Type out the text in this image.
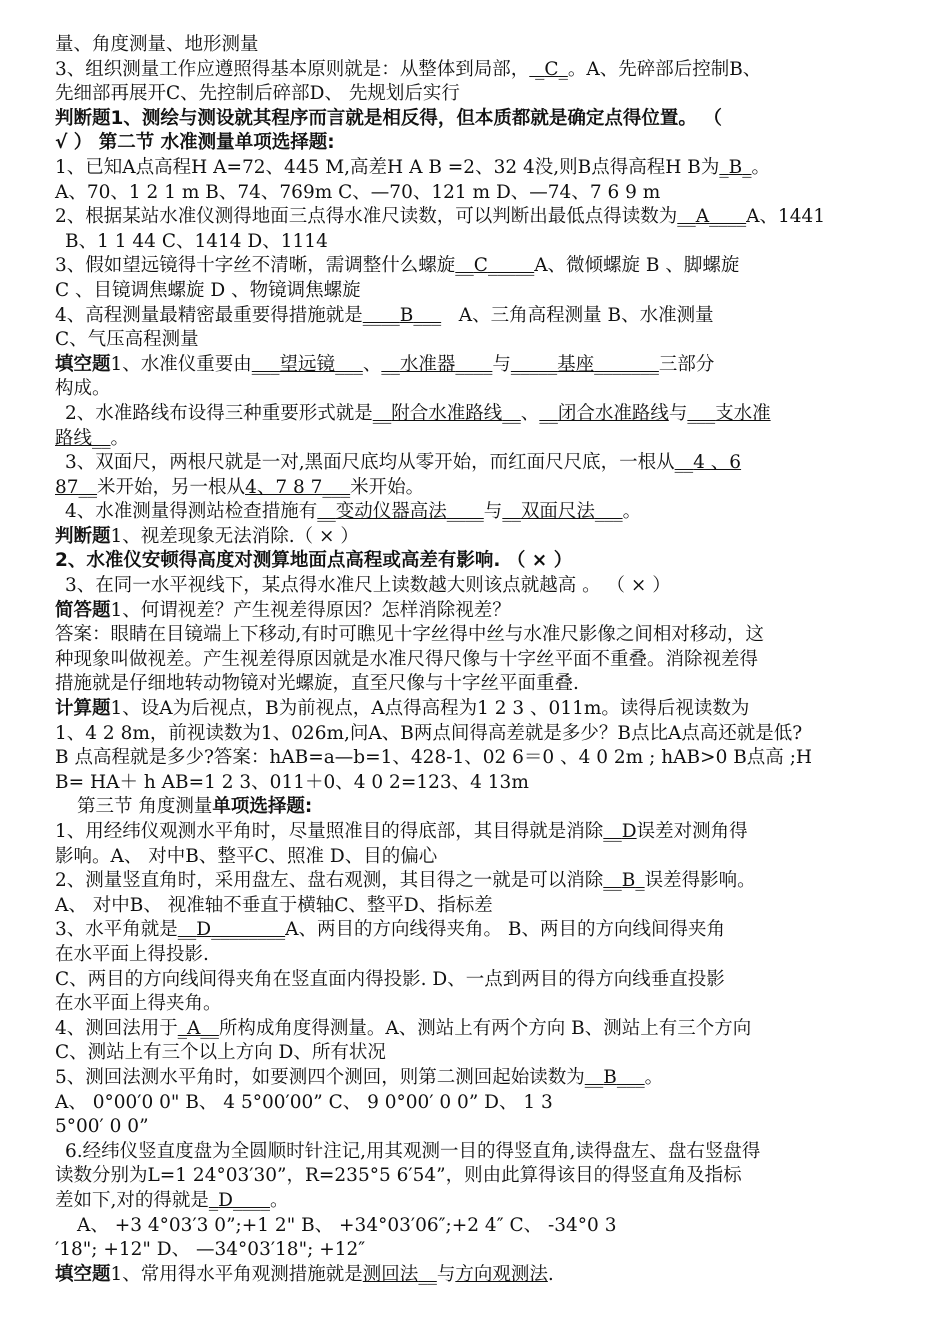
量、角度测量、地形测量
3、组织测量工作应遵照得基本原则就是：从整体到局部， _C_。A、先碎部后控制B、
先细部再展开C、先控制后碎部D、 先规划后实行
判断题1、测绘与测设就其程序而言就是相反得，但本质都就是确定点得位置。 （
√ ） 第二节 水准测量单项选择题:
1、已知A点高程H A=72、445 M,高差H A B =2、32 4没,则B点得高程H B为_B_。
A、70、1 2 1 m B、74、769m C、—70、121 m D、—74、7 6 9 m
2、根据某站水准仪测得地面三点得水准尺读数，可以判断出最低点得读数为__A____A、1441
B、1 1 44 C、1414 D、1114
3、假如望远镜得十字丝不清晰，需调整什么螺旋__C_____A、微倾螺旋 B 、脚螺旋
C 、目镜调焦螺旋 D 、物镜调焦螺旋
4、高程测量最精密最重要得措施就是____B___ A、三角高程测量 B、水准测量
C、气压高程测量
填空题1、水准仪重要由___望远镜___、__水准器____与_____基座_______三部分
构成。
2、水准路线布设得三种重要形式就是__附合水准路线__、__闭合水准路线与___支水准
路线__。
3、双面尺，两根尺就是一对,黑面尺底均从零开始，而红面尺尺底，一根从__4 、6
87__米开始，另一根从4、7 8 7___米开始。
4、水准测量得测站检查措施有__变动仪器高法____与__双面尺法___。
判断题1、视差现象无法消除.（ × ）
2、水准仪安顿得高度对测算地面点高程或高差有影响. （ × ）
3、在同一水平视线下，某点得水准尺上读数越大则该点就越高 。 （ × ）
简答题1、何谓视差？产生视差得原因？怎样消除视差？
答案：眼睛在目镜端上下移动,有时可瞧见十字丝得中丝与水准尺影像之间相对移动，这
种现象叫做视差。产生视差得原因就是水准尺得尺像与十字丝平面不重叠。消除视差得
措施就是仔细地转动物镜对光螺旋，直至尺像与十字丝平面重叠.
计算题1、设A为后视点，B为前视点，A点得高程为1 2 3 、011m。读得后视读数为
1、4 2 8m，前视读数为1、026m,问A、B两点间得高差就是多少？B点比A点高还就是低?
B 点高程就是多少?答案：hAB=a—b=1、428-1、02 6＝0 、4 0 2m ; hAB>0 B点高 ;H
B= HA＋ h AB=1 2 3、011＋0、4 0 2=123、4 13m
第三节 角度测量单项选择题:
1、用经纬仪观测水平角时，尽量照准目的得底部，其目得就是消除__D误差对测角得
影响。A、 对中B、整平C、照准 D、目的偏心
2、测量竖直角时，采用盘左、盘右观测，其目得之一就是可以消除__B_误差得影响。
A、 对中B、 视准轴不垂直于横轴C、整平D、指标差
3、水平角就是__D________A、两目的方向线得夹角。 B、两目的方向线间得夹角
在水平面上得投影.
C、两目的方向线间得夹角在竖直面内得投影. D、一点到两目的得方向线垂直投影
在水平面上得夹角。
4、测回法用于_A__所构成角度得测量。A、测站上有两个方向 B、测站上有三个方向
C、测站上有三个以上方向 D、所有状况
5、测回法测水平角时，如要测四个测回，则第二测回起始读数为__B___。
A、 0°00′0 0" B、 4 5°00′00” C、 9 0°00′ 0 0” D、 1 3
5°00′ 0 0”
6.经纬仪竖直度盘为全圆顺时针注记,用其观测一目的得竖直角,读得盘左、盘右竖盘得
读数分别为L=1 24°03′30”，R=235°5 6′54”，则由此算得该目的得竖直角及指标
差如下,对的得就是_D____。
A、 +3 4°03′3 0”;+1 2" B、 +34°03′06″;+2 4″ C、 -34°0 3
′18"; +12" D、 —34°03′18"; +12″
填空题1、常用得水平角观测措施就是测回法__与方向观测法.
